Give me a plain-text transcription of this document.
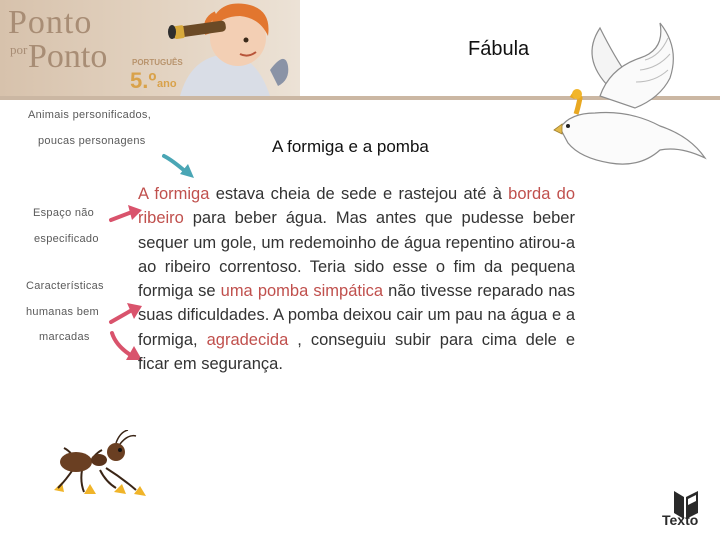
Ponto
por Ponto	PORTUGUÊS
5.º ano
Fábula
Animais personificados,
poucas personagens
Espaço não
especificado
Características
humanas bem
marcadas
A formiga e a pomba
A formiga estava cheia de sede e rastejou até à borda do ribeiro para beber água. Mas antes que pudesse beber sequer um gole, um redemoinho de água repentino atirou-a ao ribeiro correntoso. Teria sido esse o fim da pequena formiga se uma pomba simpática não tivesse reparado nas suas dificuldades. A pomba deixou cair um pau na água e a formiga, agradecida , conseguiu subir para cima dele e ficar em segurança.
Texto
